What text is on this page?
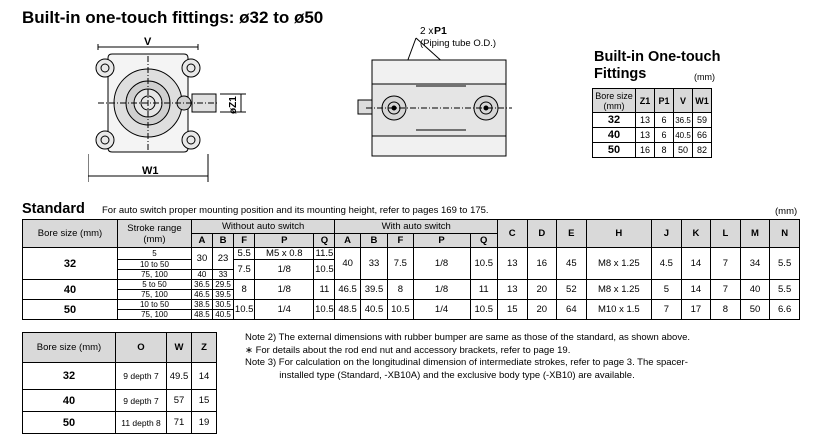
Built-in one-touch fittings: ø32 to ø50
V
W1
øZ1
2 x P1
(Piping tube O.D.)
Built-in One-touch
Fittings	(mm)
Bore size (mm)	Z1	P1	V	W1
32	13	6	36.5	59
40	13	6	40.5	66
50	16	8	50	82
Standard For auto switch proper mounting position and its mounting height, refer to pages 169 to 175.	(mm)
Bore size (mm)	Stroke range (mm)	Without auto switch					With auto switch					C	D	E	H	J	K	L	M	N
		A	B	F	P	Q	A	B	F	P	Q									
32	5	30	23	5.5	M5 x 0.8	11.5	40	33	7.5	1/8	10.5	13	16	45	M8 x 1.25	4.5	14	7	34	5.5
	10 to 50			7.5	1/8	10.5														
	75, 100	40	33																	
40	5 to 50	36.5	29.5	8	1/8	11	46.5	39.5	8	1/8	11	13	20	52	M8 x 1.25	5	14	7	40	5.5
	75, 100	46.5	39.5																	
50	10 to 50	38.5	30.5	10.5	1/4	10.5	48.5	40.5	10.5	1/4	10.5	15	20	64	M10 x 1.5	7	17	8	50	6.6
	75, 100	48.5	40.5																	
Bore size (mm)	O	W	Z
32	9 depth 7	49.5	14
40	9 depth 7	57	15
50	11 depth 8	71	19
Note 2) The external dimensions with rubber bumper are same as those of the standard, as shown above.
∗ For details about the rod end nut and accessory brackets, refer to page 19.
Note 3) For calculation on the longitudinal dimension of intermediate strokes, refer to page 3. The spacer-
installed type (Standard, -XB10A) and the exclusive body type (-XB10) are available.
